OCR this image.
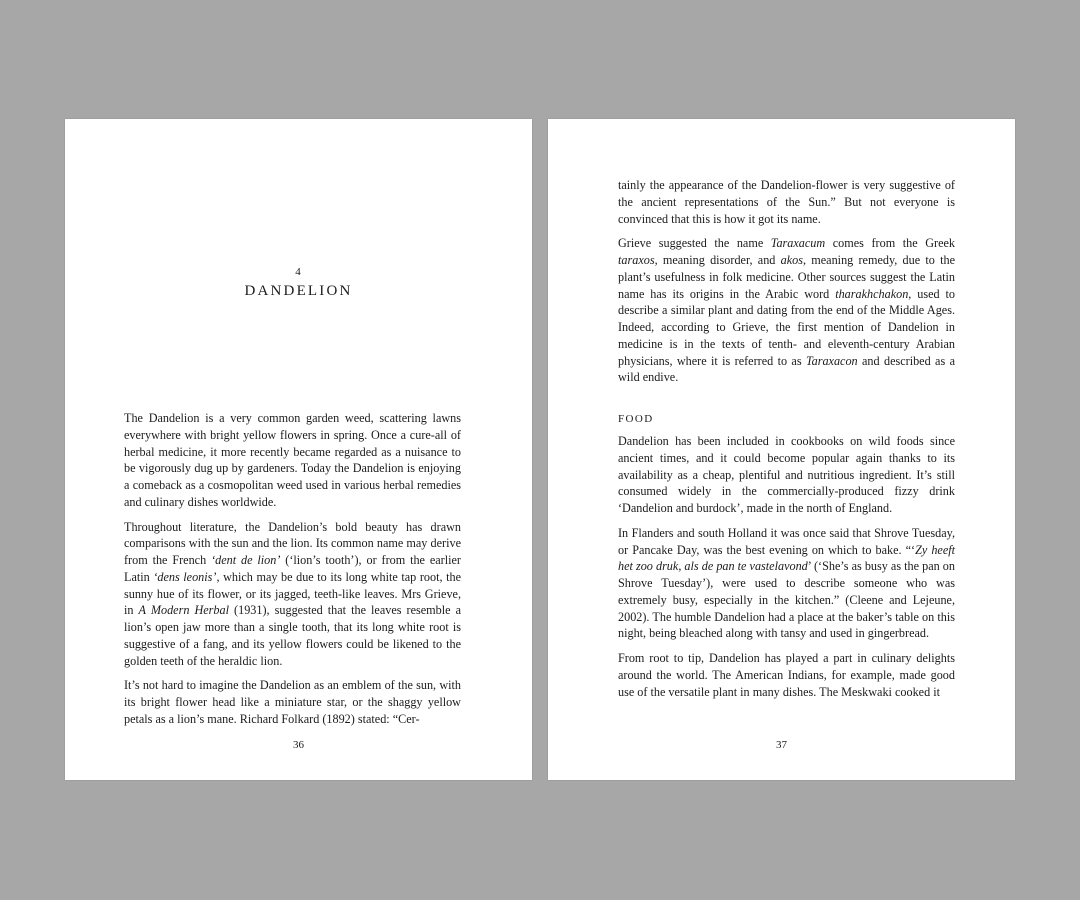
4
DANDELION

The Dandelion is a very common garden weed, scattering lawns everywhere with bright yellow flowers in spring. Once a cure-all of herbal medicine, it more recently became regarded as a nuisance to be vigorously dug up by gardeners. Today the Dandelion is enjoying a comeback as a cosmopolitan weed used in various herbal remedies and culinary dishes worldwide.

Throughout literature, the Dandelion’s bold beauty has drawn comparisons with the sun and the lion. Its common name may derive from the French ‘dent de lion’ (‘lion’s tooth’), or from the earlier Latin ‘dens leonis’, which may be due to its long white tap root, the sunny hue of its flower, or its jagged, teeth-like leaves. Mrs Grieve, in A Modern Herbal (1931), suggested that the leaves resemble a lion’s open jaw more than a single tooth, that its long white root is suggestive of a fang, and its yellow flowers could be likened to the golden teeth of the heraldic lion.

It’s not hard to imagine the Dandelion as an emblem of the sun, with its bright flower head like a miniature star, or the shaggy yellow petals as a lion’s mane. Richard Folkard (1892) stated: “Cer-

36

tainly the appearance of the Dandelion-flower is very suggestive of the ancient representations of the Sun.” But not everyone is convinced that this is how it got its name.

Grieve suggested the name Taraxacum comes from the Greek taraxos, meaning disorder, and akos, meaning remedy, due to the plant’s usefulness in folk medicine. Other sources suggest the Latin name has its origins in the Arabic word tharakhchakon, used to describe a similar plant and dating from the end of the Middle Ages. Indeed, according to Grieve, the first mention of Dandelion in medicine is in the texts of tenth- and eleventh-century Arabian physicians, where it is referred to as Taraxacon and described as a wild endive.

FOOD

Dandelion has been included in cookbooks on wild foods since ancient times, and it could become popular again thanks to its availability as a cheap, plentiful and nutritious ingredient. It’s still consumed widely in the commercially-produced fizzy drink ‘Dandelion and burdock’, made in the north of England.

In Flanders and south Holland it was once said that Shrove Tuesday, or Pancake Day, was the best evening on which to bake. “‘Zy heeft het zoo druk, als de pan te vastelavond’ (‘She’s as busy as the pan on Shrove Tuesday’), were used to describe someone who was extremely busy, especially in the kitchen.” (Cleene and Lejeune, 2002). The humble Dandelion had a place at the baker’s table on this night, being bleached along with tansy and used in gingerbread.

From root to tip, Dandelion has played a part in culinary delights around the world. The American Indians, for example, made good use of the versatile plant in many dishes. The Meskwaki cooked it

37
